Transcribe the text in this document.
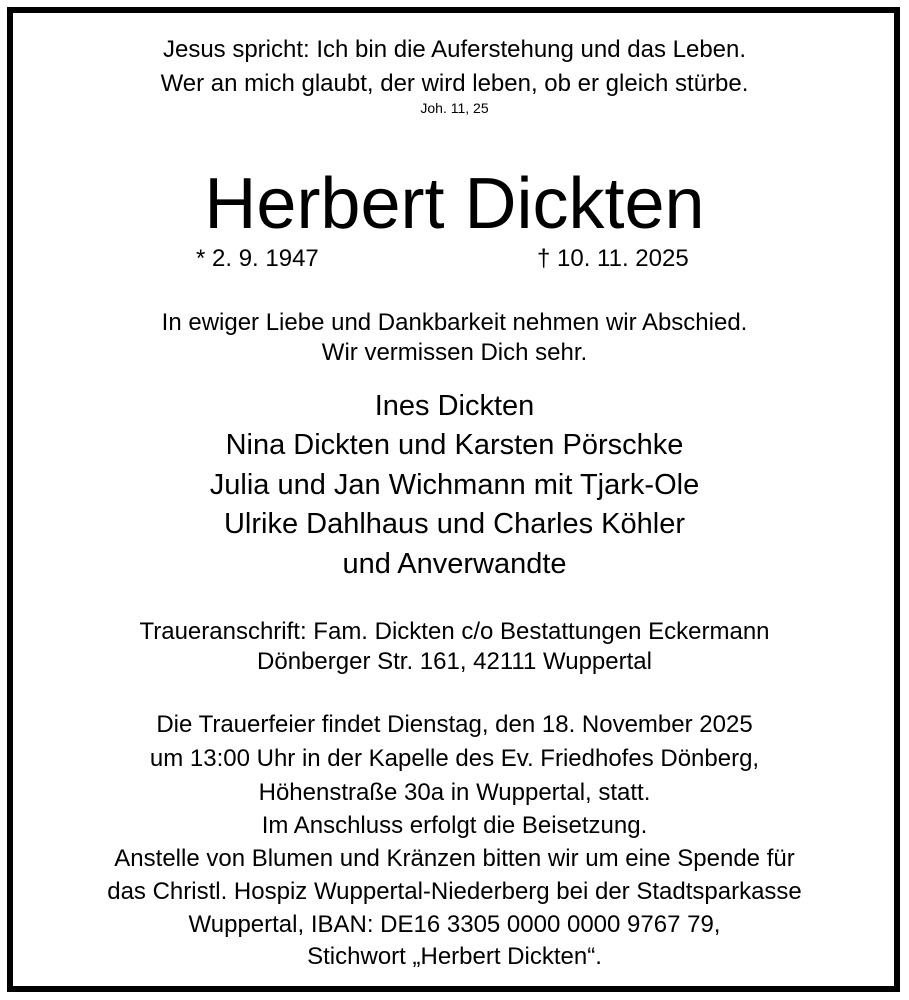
Jesus spricht: Ich bin die Auferstehung und das Leben.
Wer an mich glaubt, der wird leben, ob er gleich stürbe.
Joh. 11, 25
Herbert Dickten
* 2. 9. 1947	† 10. 11. 2025
In ewiger Liebe und Dankbarkeit nehmen wir Abschied.
Wir vermissen Dich sehr.
Ines Dickten
Nina Dickten und Karsten Pörschke
Julia und Jan Wichmann mit Tjark-Ole
Ulrike Dahlhaus und Charles Köhler
und Anverwandte
Traueranschrift: Fam. Dickten c/o Bestattungen Eckermann
Dönberger Str. 161, 42111 Wuppertal
Die Trauerfeier findet Dienstag, den 18. November 2025
um 13:00 Uhr in der Kapelle des Ev. Friedhofes Dönberg,
Höhenstraße 30a in Wuppertal, statt.
Im Anschluss erfolgt die Beisetzung.
Anstelle von Blumen und Kränzen bitten wir um eine Spende für
das Christl. Hospiz Wuppertal-Niederberg bei der Stadtsparkasse
Wuppertal, IBAN: DE16 3305 0000 0000 9767 79,
Stichwort „Herbert Dickten“.
